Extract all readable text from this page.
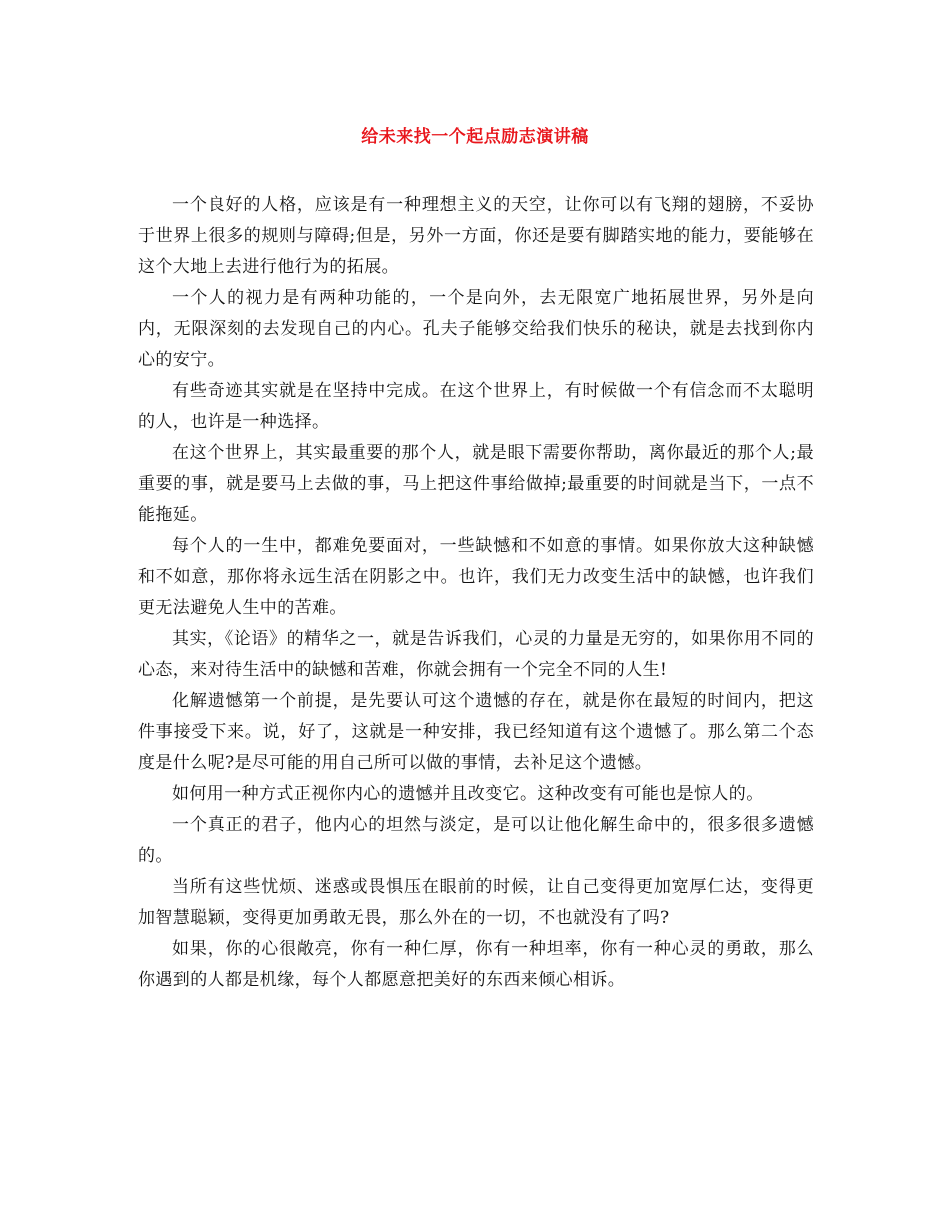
给未来找一个起点励志演讲稿

一个良好的人格，应该是有一种理想主义的天空，让你可以有飞翔的翅膀，不妥协于世界上很多的规则与障碍;但是，另外一方面，你还是要有脚踏实地的能力，要能够在这个大地上去进行他行为的拓展。

一个人的视力是有两种功能的，一个是向外，去无限宽广地拓展世界，另外是向内，无限深刻的去发现自己的内心。孔夫子能够交给我们快乐的秘诀，就是去找到你内心的安宁。

有些奇迹其实就是在坚持中完成。在这个世界上，有时候做一个有信念而不太聪明的人，也许是一种选择。

在这个世界上，其实最重要的那个人，就是眼下需要你帮助，离你最近的那个人;最重要的事，就是要马上去做的事，马上把这件事给做掉;最重要的时间就是当下，一点不能拖延。

每个人的一生中，都难免要面对，一些缺憾和不如意的事情。如果你放大这种缺憾和不如意，那你将永远生活在阴影之中。也许，我们无力改变生活中的缺憾，也许我们更无法避免人生中的苦难。

其实，《论语》的精华之一，就是告诉我们，心灵的力量是无穷的，如果你用不同的心态，来对待生活中的缺憾和苦难，你就会拥有一个完全不同的人生!

化解遗憾第一个前提，是先要认可这个遗憾的存在，就是你在最短的时间内，把这件事接受下来。说，好了，这就是一种安排，我已经知道有这个遗憾了。那么第二个态度是什么呢?是尽可能的用自己所可以做的事情，去补足这个遗憾。

如何用一种方式正视你内心的遗憾并且改变它。这种改变有可能也是惊人的。

一个真正的君子，他内心的坦然与淡定，是可以让他化解生命中的，很多很多遗憾的。

当所有这些忧烦、迷惑或畏惧压在眼前的时候，让自己变得更加宽厚仁达，变得更加智慧聪颖，变得更加勇敢无畏，那么外在的一切，不也就没有了吗?

如果，你的心很敞亮，你有一种仁厚，你有一种坦率，你有一种心灵的勇敢，那么你遇到的人都是机缘，每个人都愿意把美好的东西来倾心相诉。
